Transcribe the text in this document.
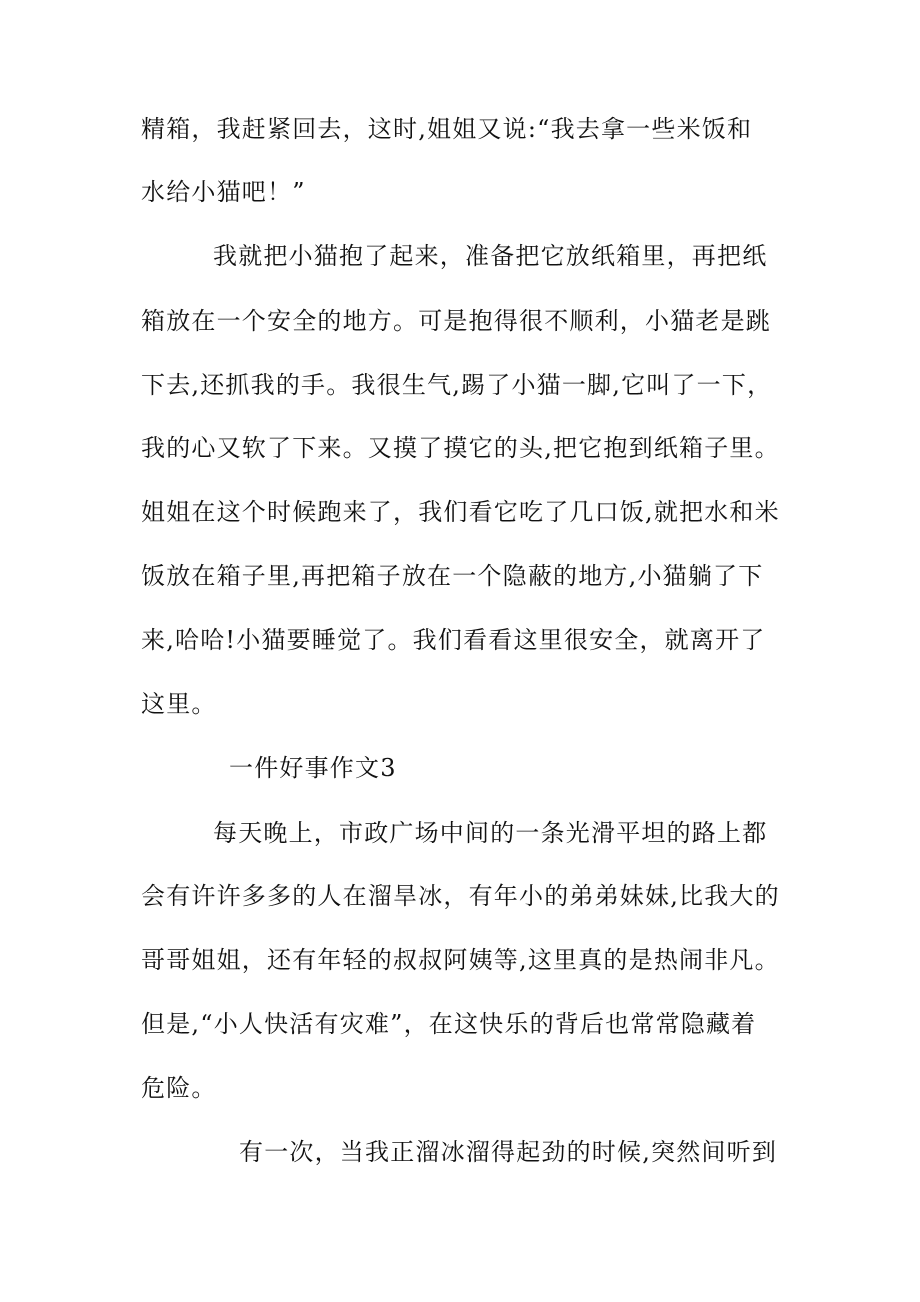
精箱，我赶紧回去，这时,姐姐又说:“我去拿一些米饭和
水给小猫吧！”
我就把小猫抱了起来，准备把它放纸箱里，再把纸
箱放在一个安全的地方。可是抱得很不顺利，小猫老是跳
下去,还抓我的手。我很生气,踢了小猫一脚,它叫了一下，
我的心又软了下来。又摸了摸它的头,把它抱到纸箱子里。
姐姐在这个时候跑来了，我们看它吃了几口饭,就把水和米
饭放在箱子里,再把箱子放在一个隐蔽的地方,小猫躺了下
来,哈哈!小猫要睡觉了。我们看看这里很安全，就离开了
这里。
一件好事作文3
每天晚上，市政广场中间的一条光滑平坦的路上都
会有许许多多的人在溜旱冰，有年小的弟弟妹妹,比我大的
哥哥姐姐，还有年轻的叔叔阿姨等,这里真的是热闹非凡。
但是,“小人快活有灾难”，在这快乐的背后也常常隐藏着
危险。
有一次，当我正溜冰溜得起劲的时候,突然间听到
